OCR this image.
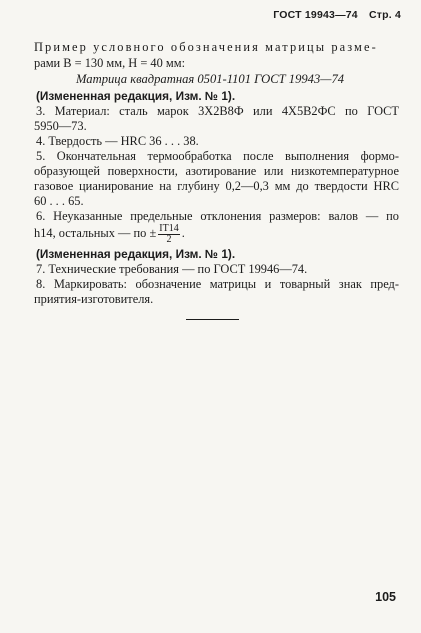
ГОСТ 19943—74 Стр. 4
Пример условного обозначения матрицы разме-
рами B = 130 мм, H = 40 мм:
Матрица квадратная 0501-1101 ГОСТ 19943—74
(Измененная редакция, Изм. № 1).
3. Материал: сталь марок 3Х2В8Ф или 4Х5В2ФС по ГОСТ
5950—73.
4. Твердость — HRC 36 . . . 38.
5. Окончательная термообработка после выполнения формо-
образующей поверхности, азотирование или низкотемпературное
газовое цианирование на глубину 0,2—0,3 мм до твердости HRC
60 . . . 65.
6. Неуказанные предельные отклонения размеров: валов — по
h14, остальных — по ± $\frac{IT14}{2}$ .
(Измененная редакция, Изм. № 1).
7. Технические требования — по ГОСТ 19946—74.
8. Маркировать: обозначение матрицы и товарный знак пред-
приятия-изготовителя.
105
